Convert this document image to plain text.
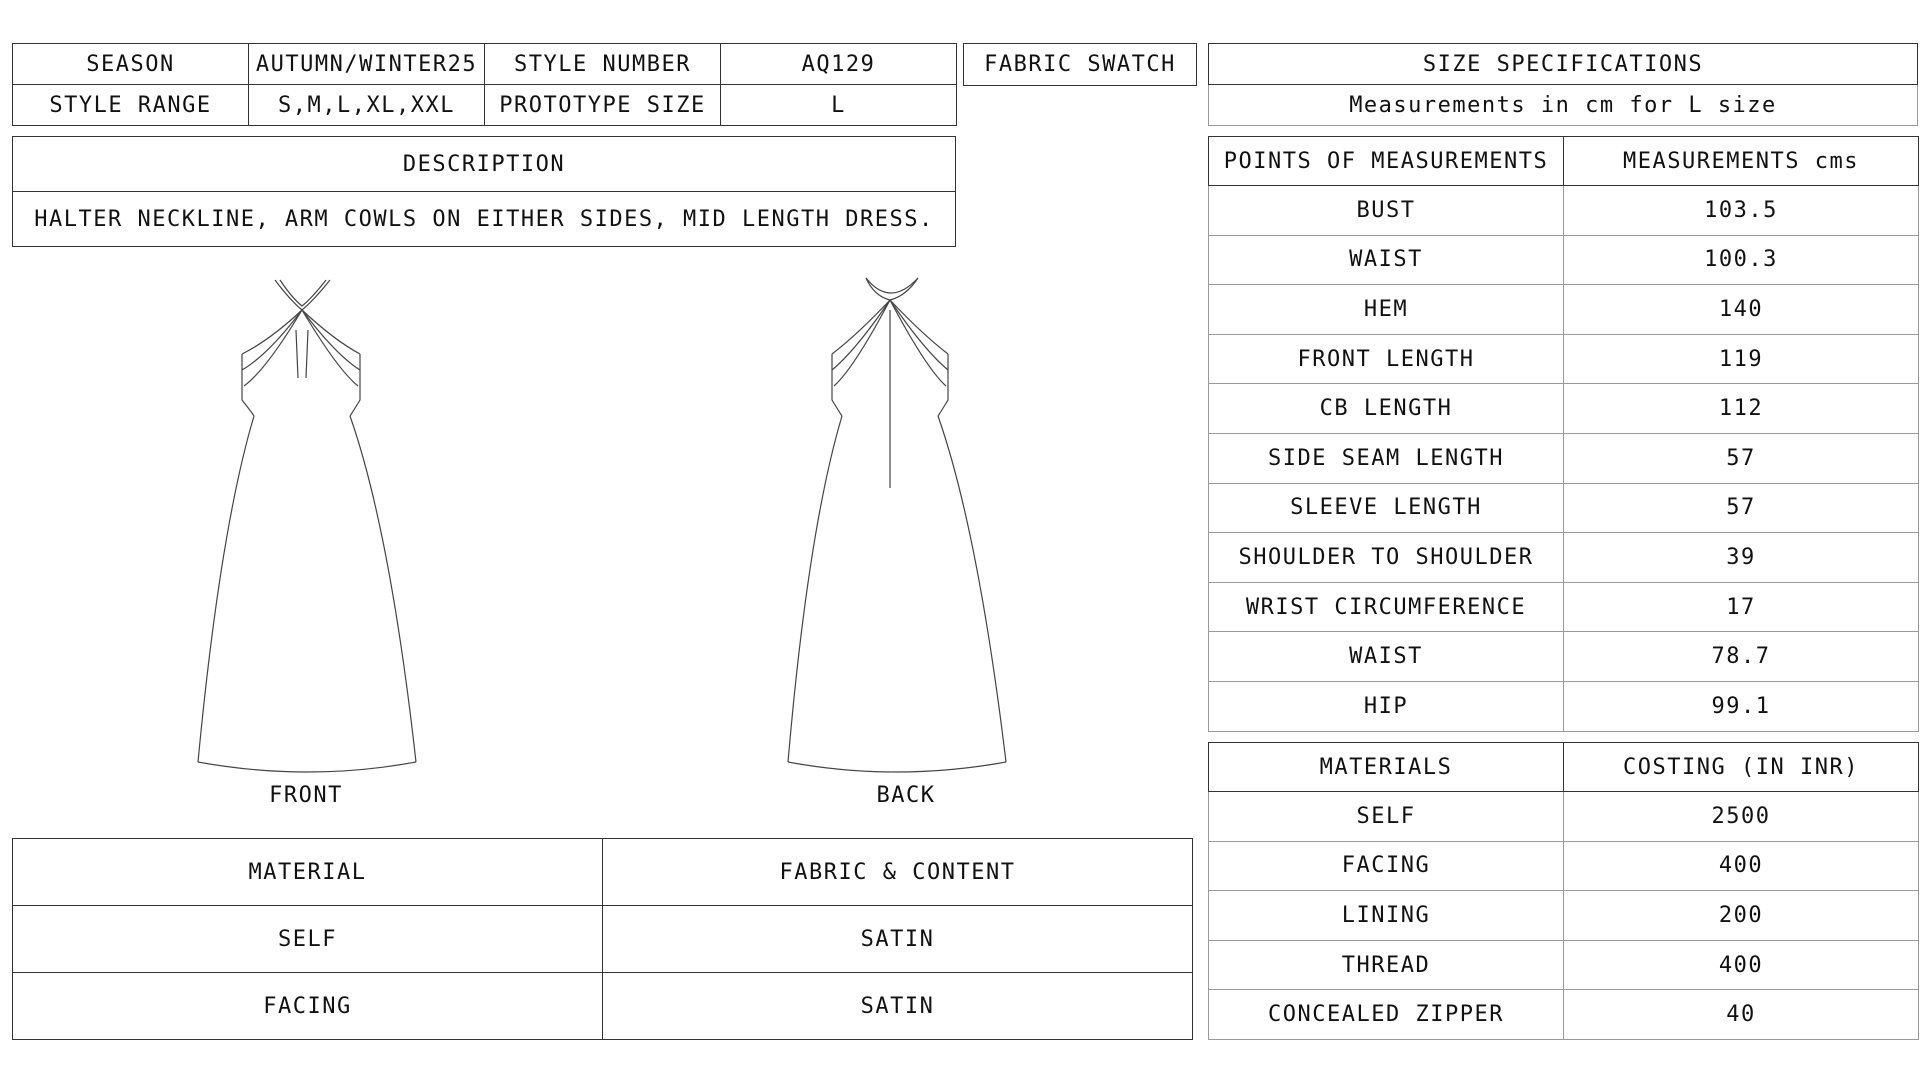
SEASON	AUTUMN/WINTER25	STYLE NUMBER	AQ129
STYLE RANGE	S,M,L,XL,XXL	PROTOTYPE SIZE	L
FABRIC SWATCH
DESCRIPTION
HALTER NECKLINE, ARM COWLS ON EITHER SIDES, MID LENGTH DRESS.
FRONT	BACK
MATERIAL	FABRIC & CONTENT
SELF	SATIN
FACING	SATIN
SIZE SPECIFICATIONS
Measurements in cm for L size
POINTS OF MEASUREMENTS	MEASUREMENTS cms
BUST	103.5
WAIST	100.3
HEM	140
FRONT LENGTH	119
CB LENGTH	112
SIDE SEAM LENGTH	57
SLEEVE LENGTH	57
SHOULDER TO SHOULDER	39
WRIST CIRCUMFERENCE	17
WAIST	78.7
HIP	99.1
MATERIALS	COSTING (IN INR)
SELF	2500
FACING	400
LINING	200
THREAD	400
CONCEALED ZIPPER	40
